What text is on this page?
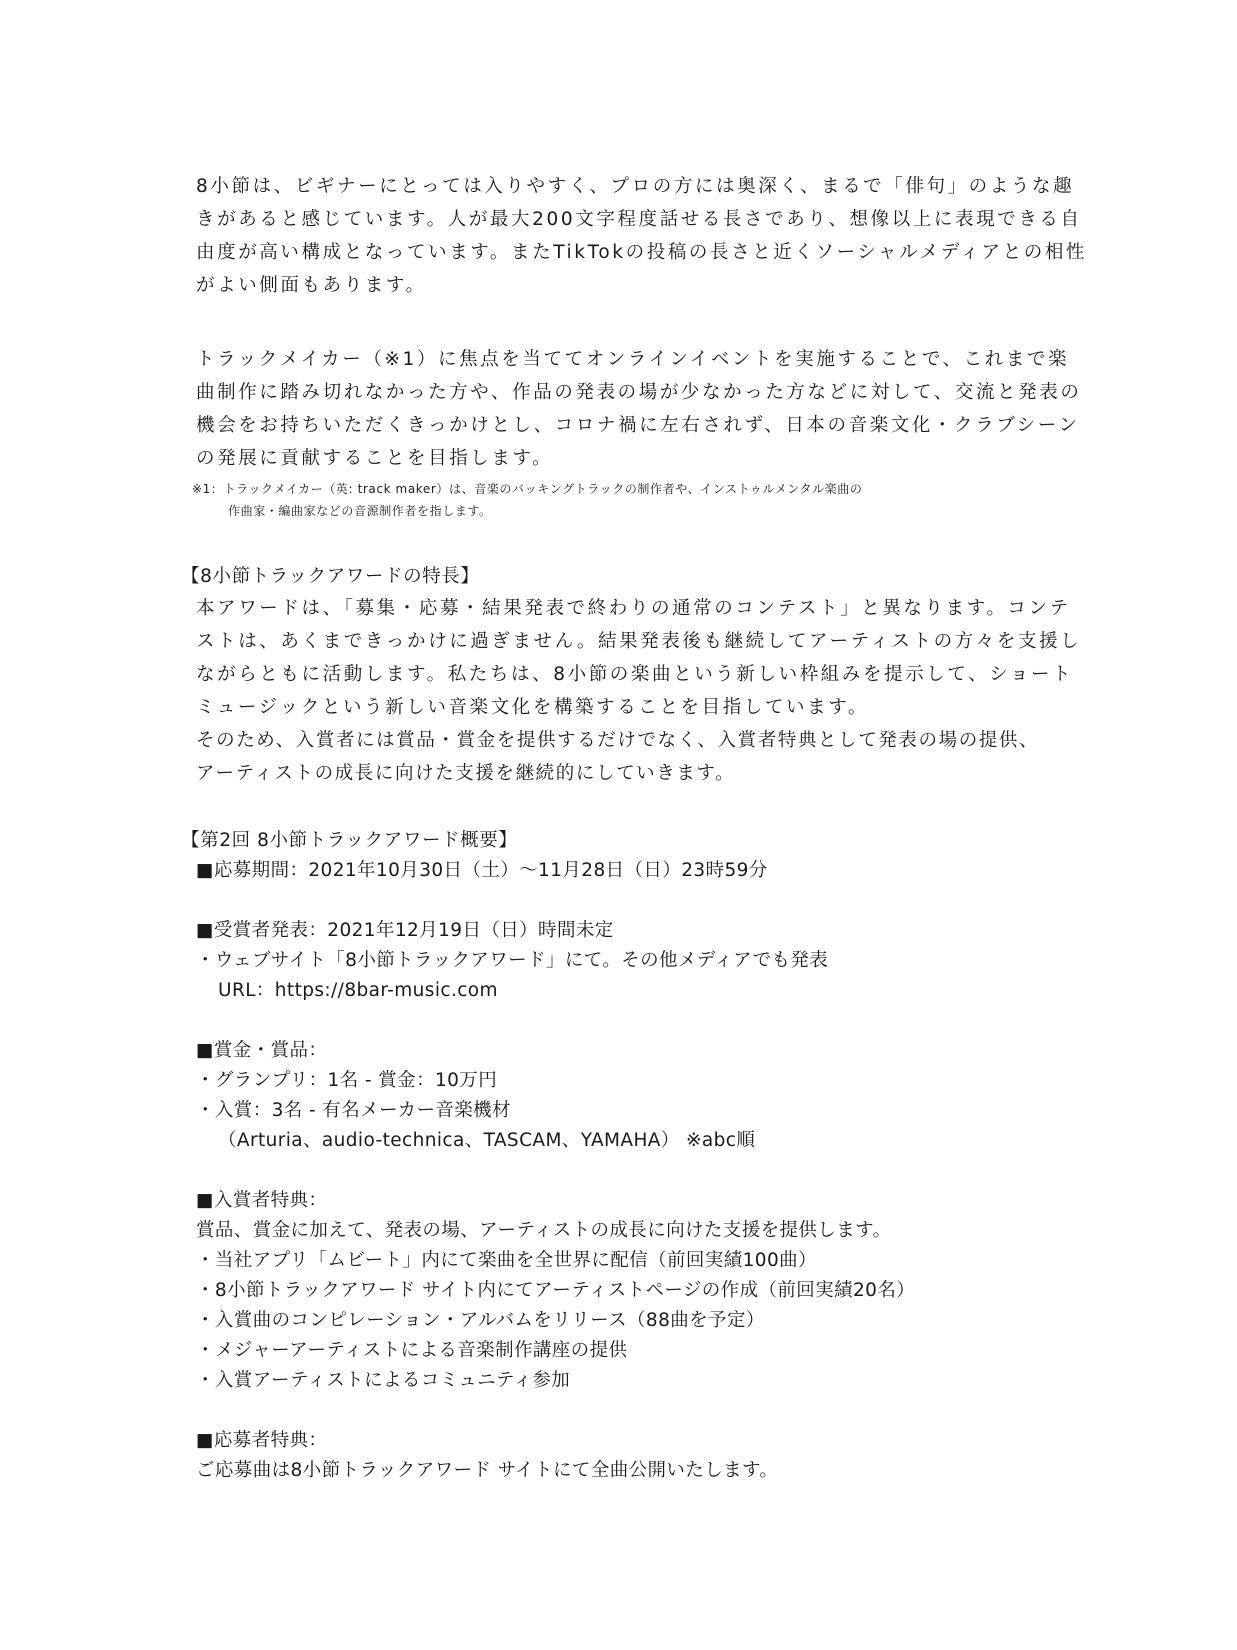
8小節は、ビギナーにとっては入りやすく、プロの方には奥深く、まるで「俳句」のような趣
きがあると感じています。人が最大200文字程度話せる長さであり、想像以上に表現できる自
由度が高い構成となっています。またTikTokの投稿の長さと近くソーシャルメディアとの相性
がよい側面もあります。
トラックメイカー（※1）に焦点を当ててオンラインイベントを実施することで、これまで楽
曲制作に踏み切れなかった方や、作品の発表の場が少なかった方などに対して、交流と発表の
機会をお持ちいただくきっかけとし、コロナ禍に左右されず、日本の音楽文化・クラブシーン
の発展に貢献することを目指します。
※1：トラックメイカー（英: track maker）は、音楽のバッキングトラックの制作者や、インストゥルメンタル楽曲の
作曲家・編曲家などの音源制作者を指します。
【8小節トラックアワードの特長】
本アワードは、「募集・応募・結果発表で終わりの通常のコンテスト」と異なります。コンテ
ストは、あくまできっかけに過ぎません。結果発表後も継続してアーティストの方々を支援し
ながらともに活動します。私たちは、8小節の楽曲という新しい枠組みを提示して、ショート
ミュージックという新しい音楽文化を構築することを目指しています。
そのため、入賞者には賞品・賞金を提供するだけでなく、入賞者特典として発表の場の提供、
アーティストの成長に向けた支援を継続的にしていきます。
【第2回 8小節トラックアワード概要】
■応募期間：2021年10月30日（土）～11月28日（日）23時59分
■受賞者発表：2021年12月19日（日）時間未定
・ウェブサイト「8小節トラックアワード」にて。その他メディアでも発表
URL：https://8bar-music.com
■賞金・賞品：
・グランプリ：1名 - 賞金：10万円
・入賞：3名 - 有名メーカー音楽機材
（Arturia、audio-technica、TASCAM、YAMAHA） ※abc順
■入賞者特典：
賞品、賞金に加えて、発表の場、アーティストの成長に向けた支援を提供します。
・当社アプリ「ムビート」内にて楽曲を全世界に配信（前回実績100曲）
・8小節トラックアワード サイト内にてアーティストページの作成（前回実績20名）
・入賞曲のコンピレーション・アルバムをリリース（88曲を予定）
・メジャーアーティストによる音楽制作講座の提供
・入賞アーティストによるコミュニティ参加
■応募者特典：
ご応募曲は8小節トラックアワード サイトにて全曲公開いたします。
